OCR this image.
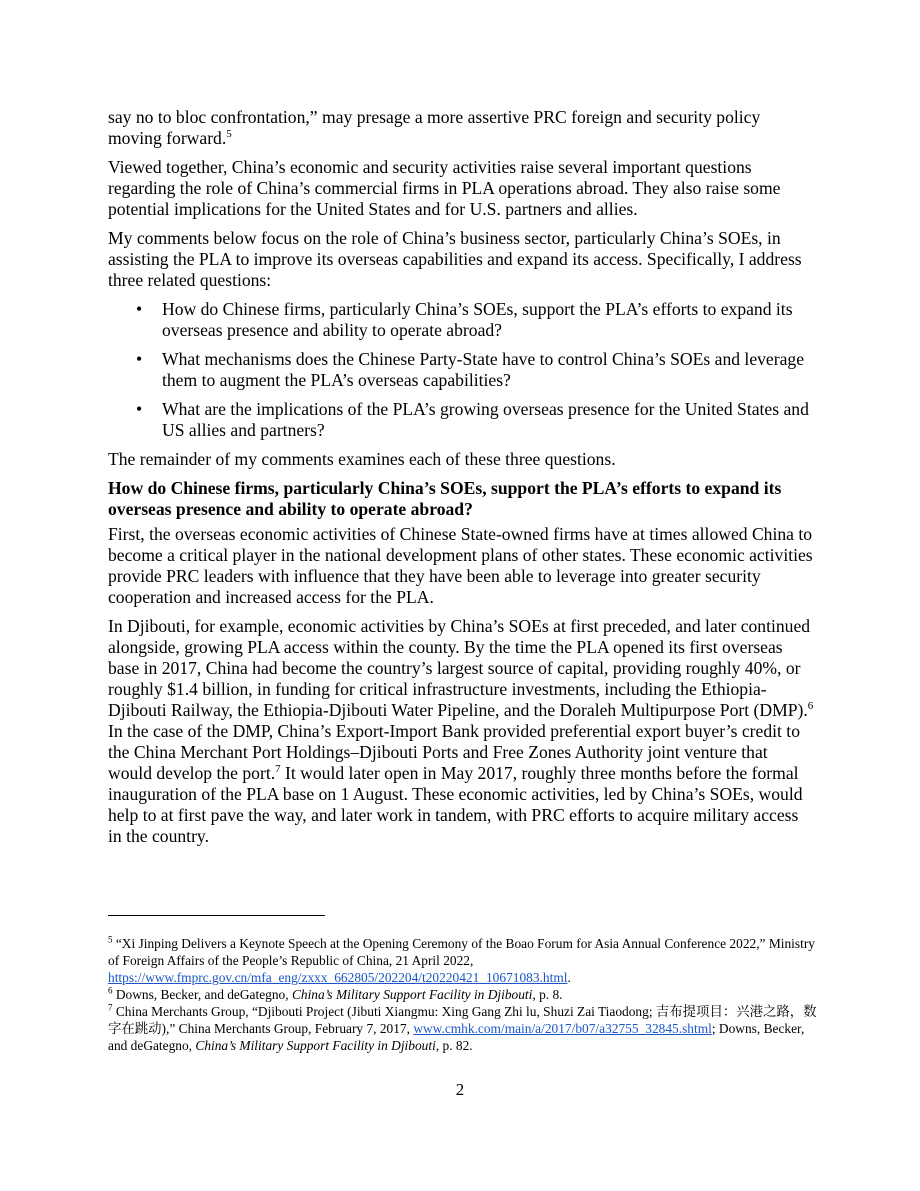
say no to bloc confrontation,” may presage a more assertive PRC foreign and security policy moving forward.$^5$

Viewed together, China’s economic and security activities raise several important questions regarding the role of China’s commercial firms in PLA operations abroad. They also raise some potential implications for the United States and for U.S. partners and allies.

My comments below focus on the role of China’s business sector, particularly China’s SOEs, in assisting the PLA to improve its overseas capabilities and expand its access. Specifically, I address three related questions:

• How do Chinese firms, particularly China’s SOEs, support the PLA’s efforts to expand its overseas presence and ability to operate abroad?
• What mechanisms does the Chinese Party-State have to control China’s SOEs and leverage them to augment the PLA’s overseas capabilities?
• What are the implications of the PLA’s growing overseas presence for the United States and US allies and partners?

The remainder of my comments examines each of these three questions.

How do Chinese firms, particularly China’s SOEs, support the PLA’s efforts to expand its overseas presence and ability to operate abroad?

First, the overseas economic activities of Chinese State-owned firms have at times allowed China to become a critical player in the national development plans of other states. These economic activities provide PRC leaders with influence that they have been able to leverage into greater security cooperation and increased access for the PLA.

In Djibouti, for example, economic activities by China’s SOEs at first preceded, and later continued alongside, growing PLA access within the county. By the time the PLA opened its first overseas base in 2017, China had become the country’s largest source of capital, providing roughly 40%, or roughly $1.4 billion, in funding for critical infrastructure investments, including the Ethiopia-Djibouti Railway, the Ethiopia-Djibouti Water Pipeline, and the Doraleh Multipurpose Port (DMP).$^6$ In the case of the DMP, China’s Export-Import Bank provided preferential export buyer’s credit to the China Merchant Port Holdings–Djibouti Ports and Free Zones Authority joint venture that would develop the port.$^7$ It would later open in May 2017, roughly three months before the formal inauguration of the PLA base on 1 August. These economic activities, led by China’s SOEs, would help to at first pave the way, and later work in tandem, with PRC efforts to acquire military access in the country.

$^5$ “Xi Jinping Delivers a Keynote Speech at the Opening Ceremony of the Boao Forum for Asia Annual Conference 2022,” Ministry of Foreign Affairs of the People’s Republic of China, 21 April 2022, https://www.fmprc.gov.cn/mfa_eng/zxxx_662805/202204/t20220421_10671083.html.

$^6$ Downs, Becker, and deGategno, China’s Military Support Facility in Djibouti, p. 8.

$^7$ China Merchants Group, “Djibouti Project (Jibuti Xiangmu: Xing Gang Zhi lu, Shuzi Zai Tiaodong; 吉布提项目：兴港之路，数字在跳动),” China Merchants Group, February 7, 2017, www.cmhk.com/main/a/2017/b07/a32755_32845.shtml; Downs, Becker, and deGategno, China’s Military Support Facility in Djibouti, p. 82.

2
